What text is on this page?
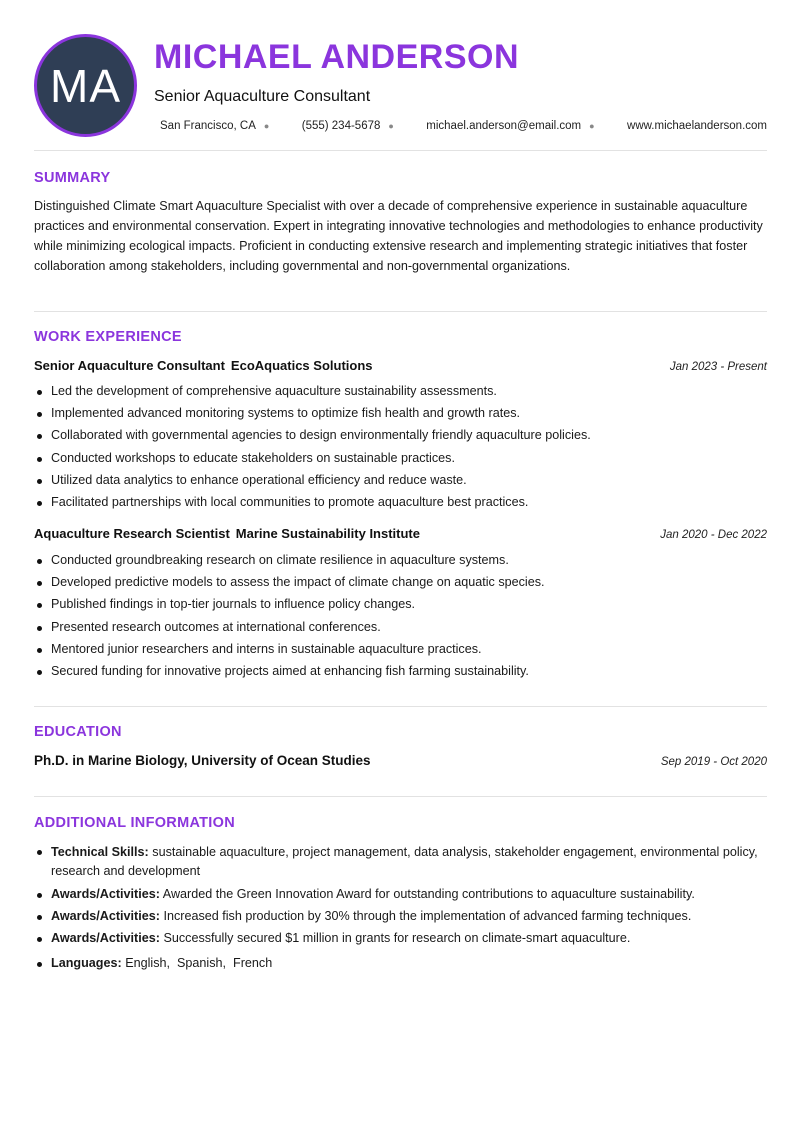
MA
MICHAEL ANDERSON
Senior Aquaculture Consultant
San Francisco, CA ●	(555) 234-5678 ●	michael.anderson@email.com ●	www.michaelanderson.com
SUMMARY

Distinguished Climate Smart Aquaculture Specialist with over a decade of comprehensive experience in sustainable aquaculture practices and environmental conservation. Expert in integrating innovative technologies and methodologies to enhance productivity while minimizing ecological impacts. Proficient in conducting extensive research and implementing strategic initiatives that foster collaboration among stakeholders, including governmental and non-governmental organizations.

WORK EXPERIENCE
Senior Aquaculture Consultant EcoAquatics Solutions	Jan 2023 - Present
Led the development of comprehensive aquaculture sustainability assessments.
Implemented advanced monitoring systems to optimize fish health and growth rates.
Collaborated with governmental agencies to design environmentally friendly aquaculture policies.
Conducted workshops to educate stakeholders on sustainable practices.
Utilized data analytics to enhance operational efficiency and reduce waste.
Facilitated partnerships with local communities to promote aquaculture best practices.
Aquaculture Research Scientist Marine Sustainability Institute	Jan 2020 - Dec 2022
Conducted groundbreaking research on climate resilience in aquaculture systems.
Developed predictive models to assess the impact of climate change on aquatic species.
Published findings in top-tier journals to influence policy changes.
Presented research outcomes at international conferences.
Mentored junior researchers and interns in sustainable aquaculture practices.
Secured funding for innovative projects aimed at enhancing fish farming sustainability.
EDUCATION
Ph.D. in Marine Biology, University of Ocean Studies	Sep 2019 - Oct 2020
ADDITIONAL INFORMATION
Technical Skills: sustainable aquaculture, project management, data analysis, stakeholder engagement, environmental policy, research and development
Awards/Activities: Awarded the Green Innovation Award for outstanding contributions to aquaculture sustainability.
Awards/Activities: Increased fish production by 30% through the implementation of advanced farming techniques.
Awards/Activities: Successfully secured $1 million in grants for research on climate-smart aquaculture.
Languages: English,  Spanish,  French
